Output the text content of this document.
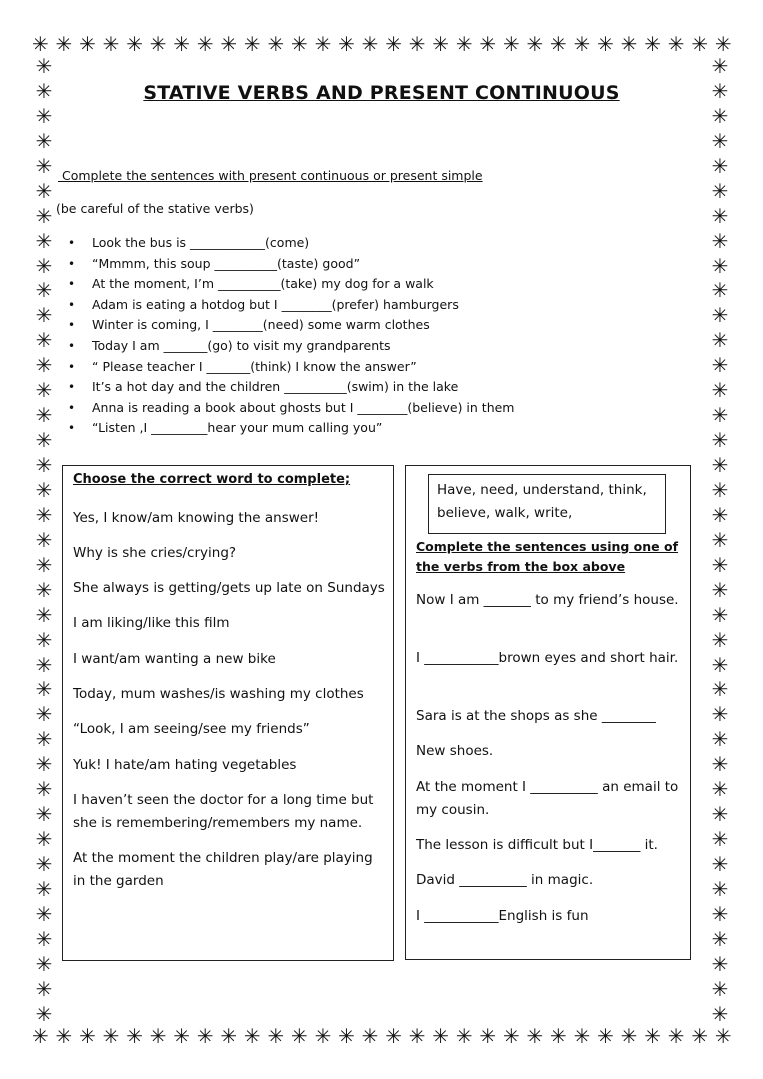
✳ ✳ ✳ ✳ ✳ ✳ ✳ ✳ ✳ ✳ ✳ ✳ ✳ ✳ ✳ ✳ ✳ ✳ ✳ ✳ ✳ ✳ ✳ ✳ ✳ ✳ ✳ ✳ ✳ ✳
✳ ✳ ✳ ✳ ✳ ✳ ✳ ✳ ✳ ✳ ✳ ✳ ✳ ✳ ✳ ✳ ✳ ✳ ✳ ✳ ✳ ✳ ✳ ✳ ✳ ✳ ✳ ✳ ✳ ✳
✳
✳
✳
✳
✳
✳
✳
✳
✳
✳
✳
✳
✳
✳
✳
✳
✳
✳
✳
✳
✳
✳
✳
✳
✳
✳
✳
✳
✳
✳
✳
✳
✳
✳
✳
✳
✳
✳
✳
✳
✳
✳
✳
✳
✳
✳
✳
✳
✳
✳
✳
✳
✳
✳
✳
✳
✳
✳
✳
✳
✳
✳
✳
✳
✳
✳
✳
✳
✳
✳
✳
✳
✳
✳
✳
✳
✳
✳
STATIVE VERBS AND PRESENT CONTINUOUS
Complete the sentences with present continuous or present simple
(be careful of the stative verbs)
• Look the bus is ____________(come)
• “Mmmm, this soup __________(taste) good”
• At the moment, I’m __________(take) my dog for a walk
• Adam is eating a hotdog but I ________(prefer) hamburgers
• Winter is coming, I ________(need) some warm clothes
• Today I am _______(go) to visit my grandparents
• “ Please teacher I _______(think) I know the answer”
• It’s a hot day and the children __________(swim) in the lake
• Anna is reading a book about ghosts but I ________(believe) in them
• “Listen ,I _________hear your mum calling you”
Choose the correct word to complete;
Yes, I know/am knowing the answer!
Why is she cries/crying?
She always is getting/gets up late on Sundays
I am liking/like this film
I want/am wanting a new bike
Today, mum washes/is washing my clothes
“Look, I am seeing/see my friends”
Yuk! I hate/am hating vegetables
I haven’t seen the doctor for a long time but she is remembering/remembers my name.
At the moment the children play/are playing in the garden
Have, need, understand, think, believe, walk, write,
Complete the sentences using one of the verbs from the box above
Now I am _______ to my friend’s house.
I ___________brown eyes and short hair.
Sara is at the shops as she ________
New shoes.
At the moment I __________ an email to my cousin.
The lesson is difficult but I_______ it.
David __________ in magic.
I ___________English is fun
